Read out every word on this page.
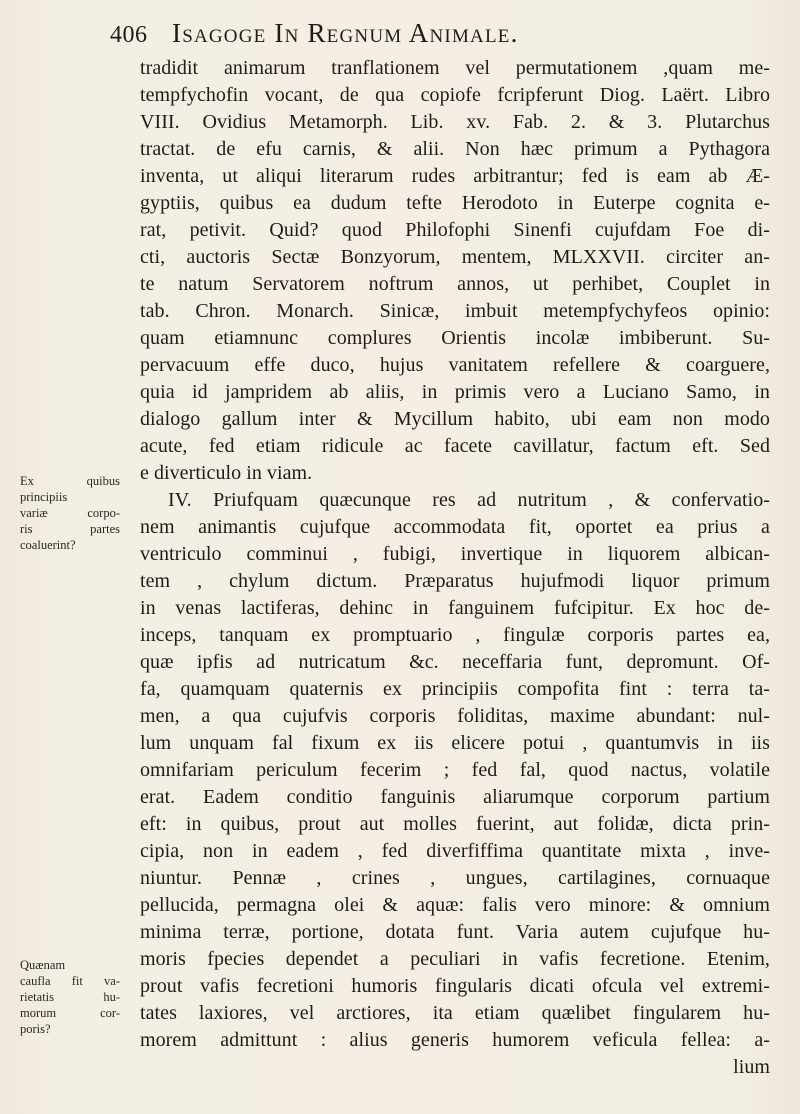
406 Isagoge In Regnum Animale.
tradidit animarum tranflationem vel permutationem ,quam me-
tempfychofin vocant, de qua copiofe fcripferunt Diog. Laërt. Libro
VIII. Ovidius Metamorph. Lib. xv. Fab. 2. & 3. Plutarchus
tractat. de efu carnis, & alii. Non hæc primum a Pythagora
inventa, ut aliqui literarum rudes arbitrantur; fed is eam ab Æ-
gyptiis, quibus ea dudum tefte Herodoto in Euterpe cognita e-
rat, petivit. Quid? quod Philofophi Sinenfi cujufdam Foe di-
cti, auctoris Sectæ Bonzyorum, mentem, MLXXVII. circiter an-
te natum Servatorem noftrum annos, ut perhibet, Couplet in
tab. Chron. Monarch. Sinicæ, imbuit metempfychyfeos opinio:
quam etiamnunc complures Orientis incolæ imbiberunt. Su-
pervacuum effe duco, hujus vanitatem refellere & coarguere,
quia id jampridem ab aliis, in primis vero a Luciano Samo, in
dialogo gallum inter & Mycillum habito, ubi eam non modo
acute, fed etiam ridicule ac facete cavillatur, factum eft. Sed
e diverticulo in viam.
IV. Priufquam quæcunque res ad nutritum , & confervatio-
nem animantis cujufque accommodata fit, oportet ea prius a
ventriculo comminui , fubigi, invertique in liquorem albican-
tem , chylum dictum. Præparatus hujufmodi liquor primum
in venas lactiferas, dehinc in fanguinem fufcipitur. Ex hoc de-
inceps, tanquam ex promptuario , fingulæ corporis partes ea,
quæ ipfis ad nutricatum &c. neceffaria funt, depromunt. Of-
fa, quamquam quaternis ex principiis compofita fint : terra ta-
men, a qua cujufvis corporis foliditas, maxime abundant: nul-
lum unquam fal fixum ex iis elicere potui , quantumvis in iis
omnifariam periculum fecerim ; fed fal, quod nactus, volatile
erat. Eadem conditio fanguinis aliarumque corporum partium
eft: in quibus, prout aut molles fuerint, aut folidæ, dicta prin-
cipia, non in eadem , fed diverfiffima quantitate mixta , inve-
niuntur. Pennæ , crines , ungues, cartilagines, cornuaque
pellucida, permagna olei & aquæ: falis vero minore: & omnium
minima terræ, portione, dotata funt. Varia autem cujufque hu-
moris fpecies dependet a peculiari in vafis fecretione. Etenim,
prout vafis fecretioni humoris fingularis dicati ofcula vel extremi-
tates laxiores, vel arctiores, ita etiam quælibet fingularem hu-
morem admittunt : alius generis humorem veficula fellea: a-
lium
Ex quibus
principiis
variæ corpo-
ris partes
coaluerint?
Quænam
caufla fit va-
rietatis hu-
morum cor-
poris?
